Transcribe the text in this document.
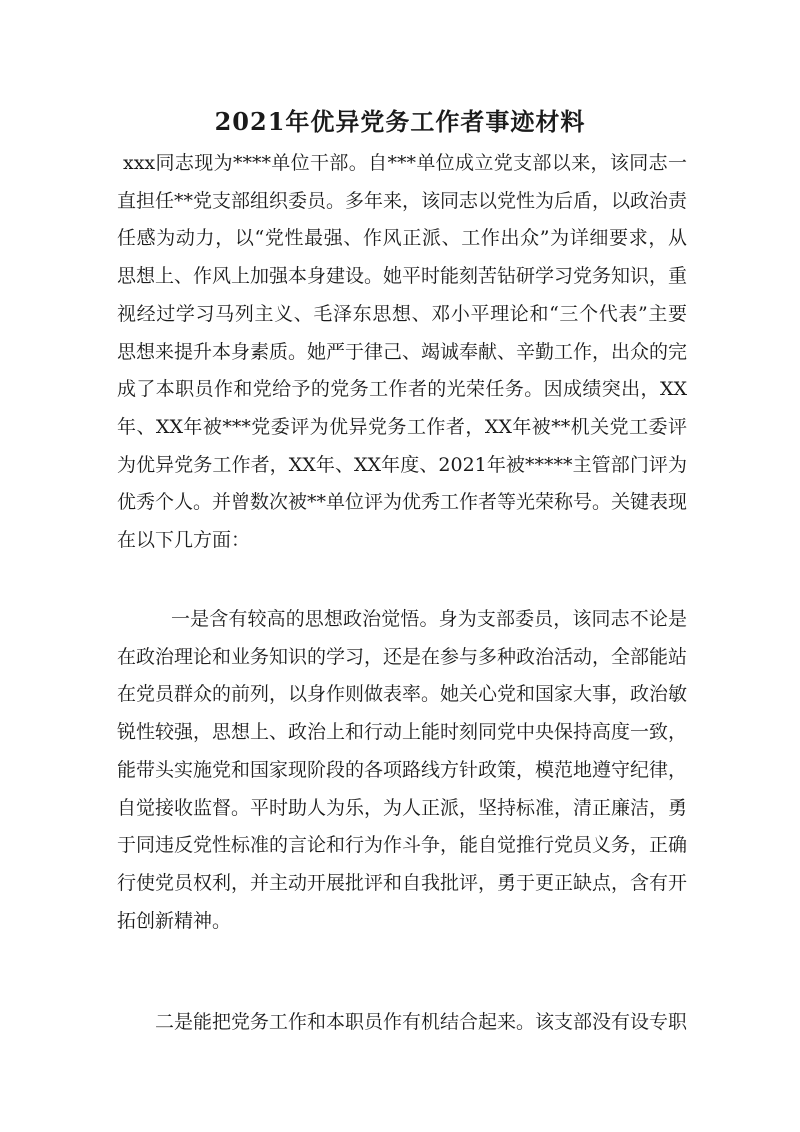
2021年优异党务工作者事迹材料

xxx同志现为****单位干部。自***单位成立党支部以来，该同志一直担任**党支部组织委员。多年来，该同志以党性为后盾，以政治责任感为动力，以“党性最强、作风正派、工作出众”为详细要求，从思想上、作风上加强本身建设。她平时能刻苦钻研学习党务知识，重视经过学习马列主义、毛泽东思想、邓小平理论和“三个代表”主要思想来提升本身素质。她严于律己、竭诚奉献、辛勤工作，出众的完成了本职员作和党给予的党务工作者的光荣任务。因成绩突出，XX年、XX年被***党委评为优异党务工作者，XX年被**机关党工委评为优异党务工作者，XX年、XX年度、2021年被*****主管部门评为优秀个人。并曾数次被**单位评为优秀工作者等光荣称号。关键表现在以下几方面：

一是含有较高的思想政治觉悟。身为支部委员，该同志不论是在政治理论和业务知识的学习，还是在参与多种政治活动，全部能站在党员群众的前列，以身作则做表率。她关心党和国家大事，政治敏锐性较强，思想上、政治上和行动上能时刻同党中央保持高度一致，能带头实施党和国家现阶段的各项路线方针政策，模范地遵守纪律，自觉接收监督。平时助人为乐，为人正派，坚持标准，清正廉洁，勇于同违反党性标准的言论和行为作斗争，能自觉推行党员义务，正确行使党员权利，并主动开展批评和自我批评，勇于更正缺点，含有开拓创新精神。

二是能把党务工作和本职员作有机结合起来。该支部没有设专职
